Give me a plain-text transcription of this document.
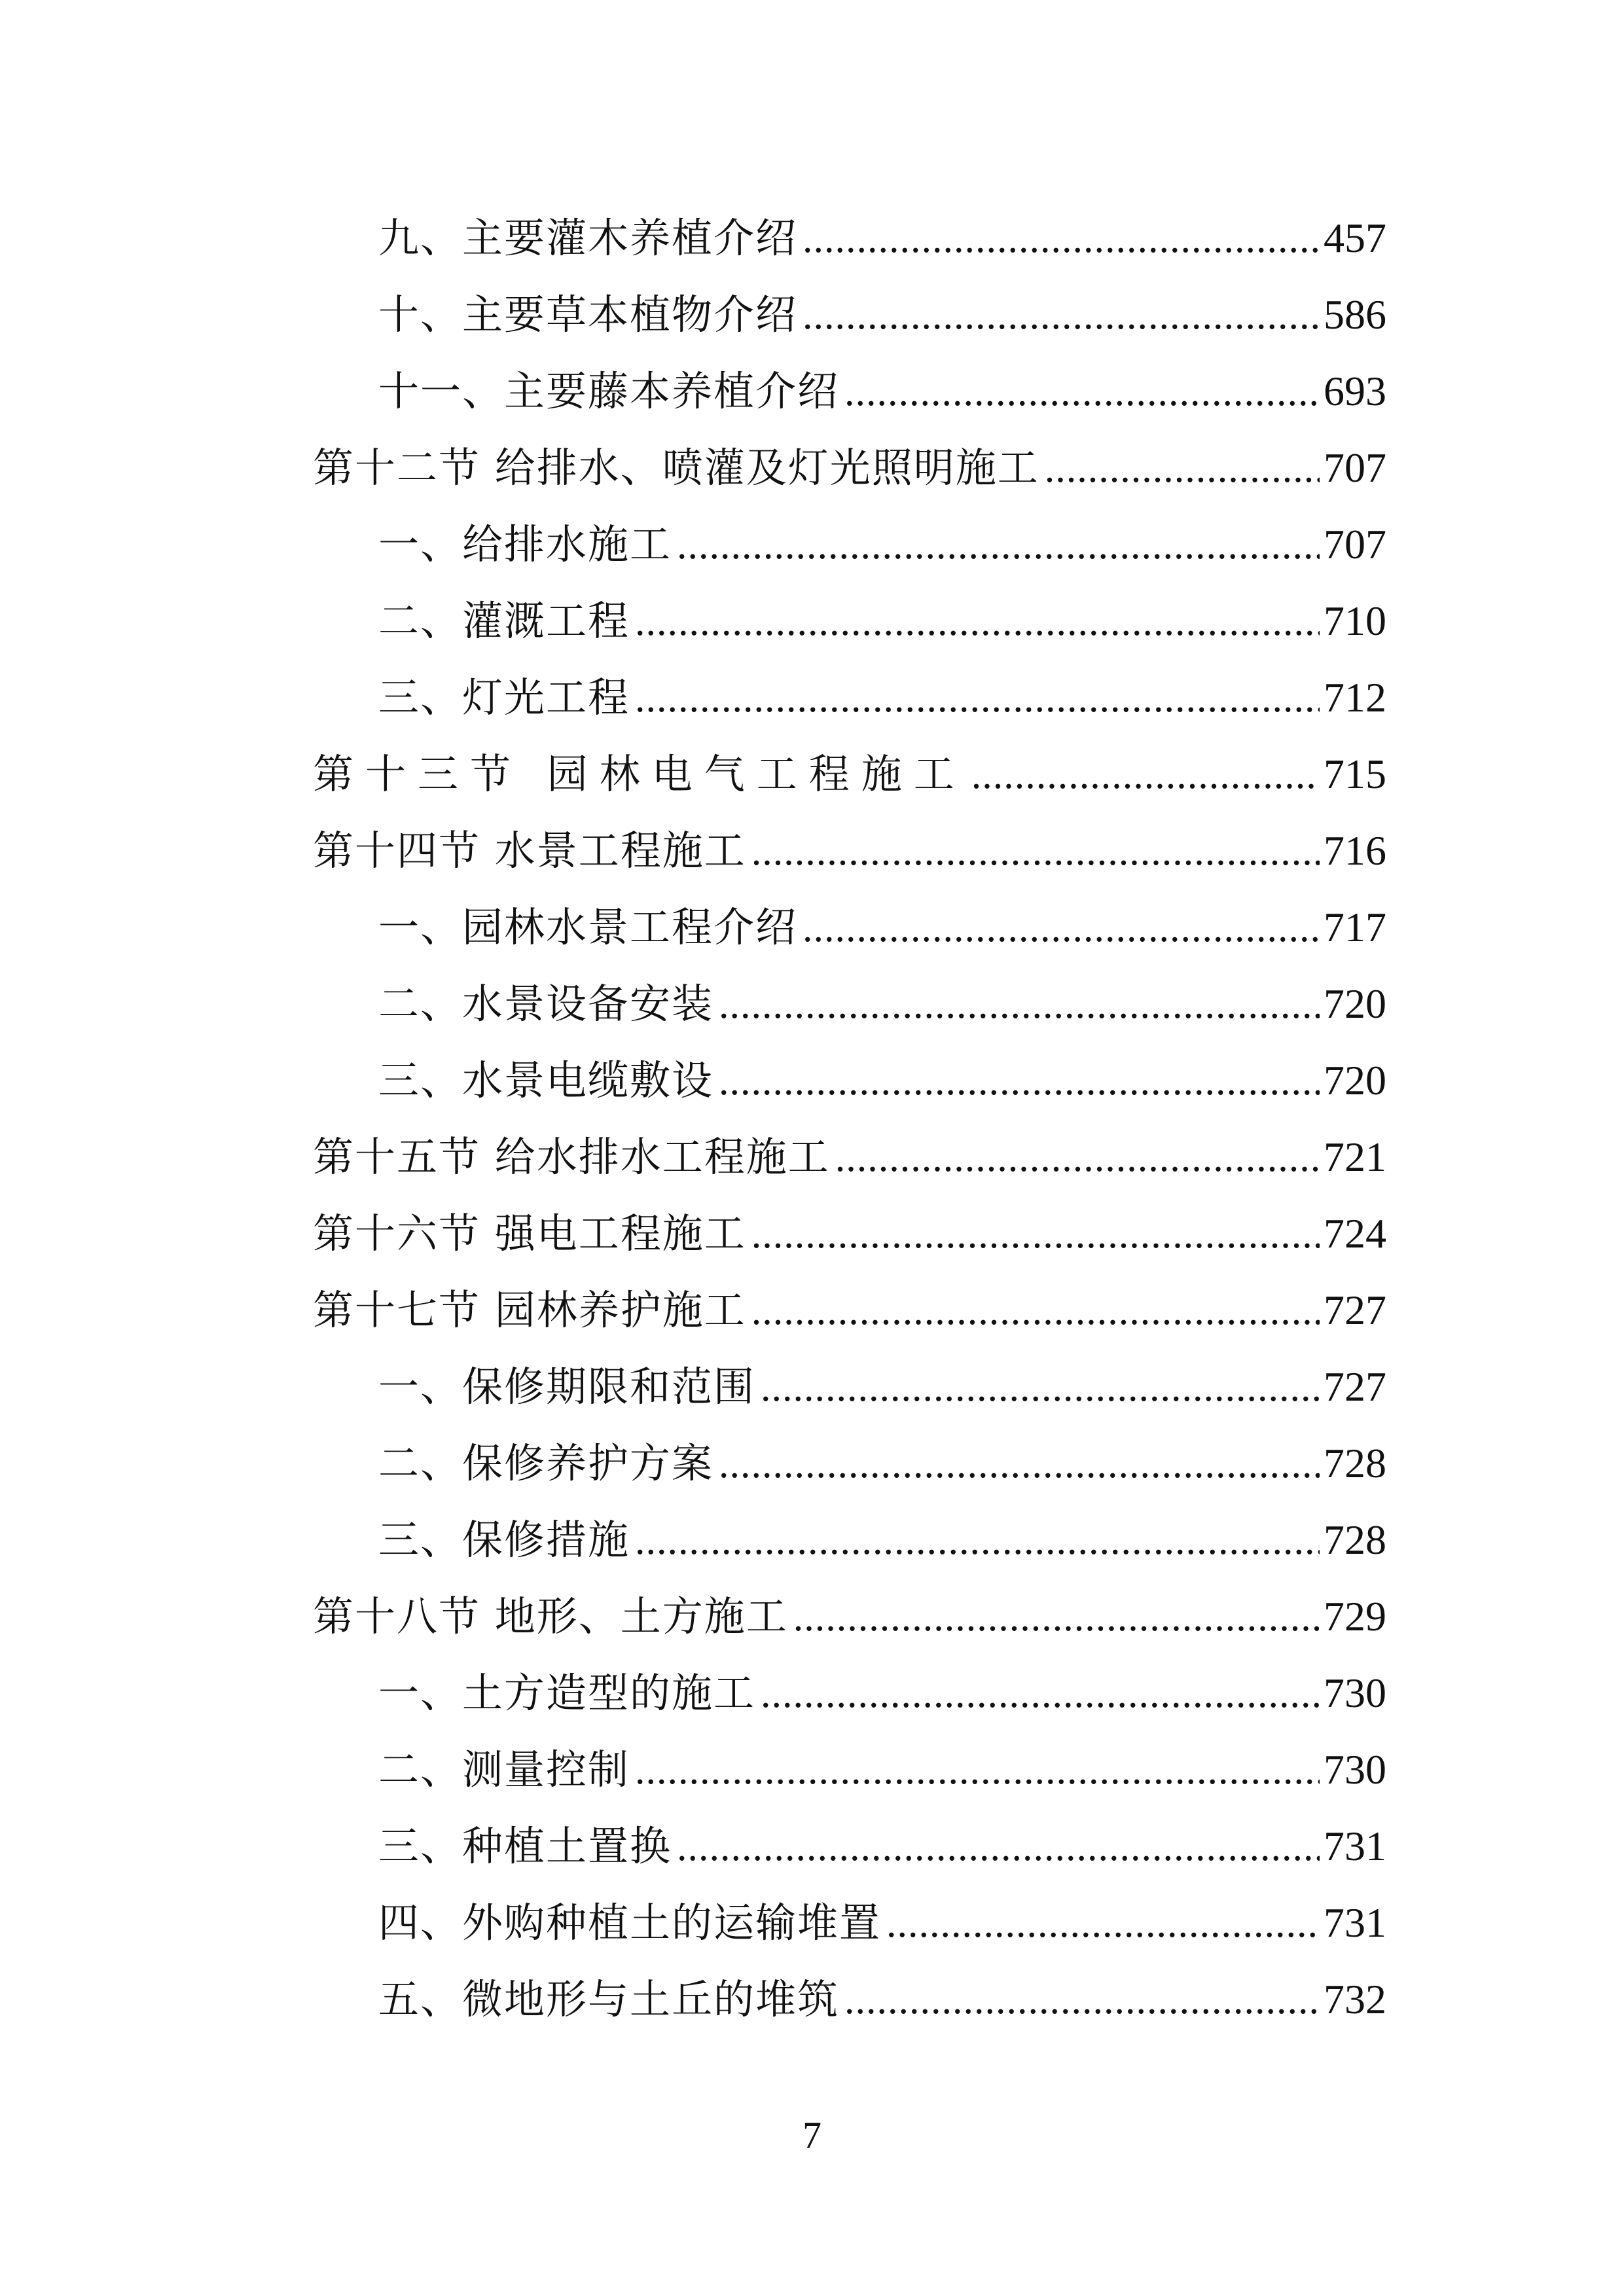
九、主要灌木养植介绍 .....	457
十、主要草本植物介绍 .....	586
十一、主要藤本养植介绍 .....	693
第十二节 给排水、喷灌及灯光照明施工 .....	707
一、给排水施工 .....	707
二、灌溉工程 .....	710
三、灯光工程 .....	712
第十三节 园林电气工程施工 .....	715
第十四节 水景工程施工 .....	716
一、园林水景工程介绍 .....	717
二、水景设备安装 .....	720
三、水景电缆敷设 .....	720
第十五节 给水排水工程施工 .....	721
第十六节 强电工程施工 .....	724
第十七节 园林养护施工 .....	727
一、保修期限和范围 .....	727
二、保修养护方案 .....	728
三、保修措施 .....	728
第十八节 地形、土方施工 .....	729
一、土方造型的施工 .....	730
二、测量控制 .....	730
三、种植土置换 .....	731
四、外购种植土的运输堆置 .....	731
五、微地形与土丘的堆筑 .....	732
7
